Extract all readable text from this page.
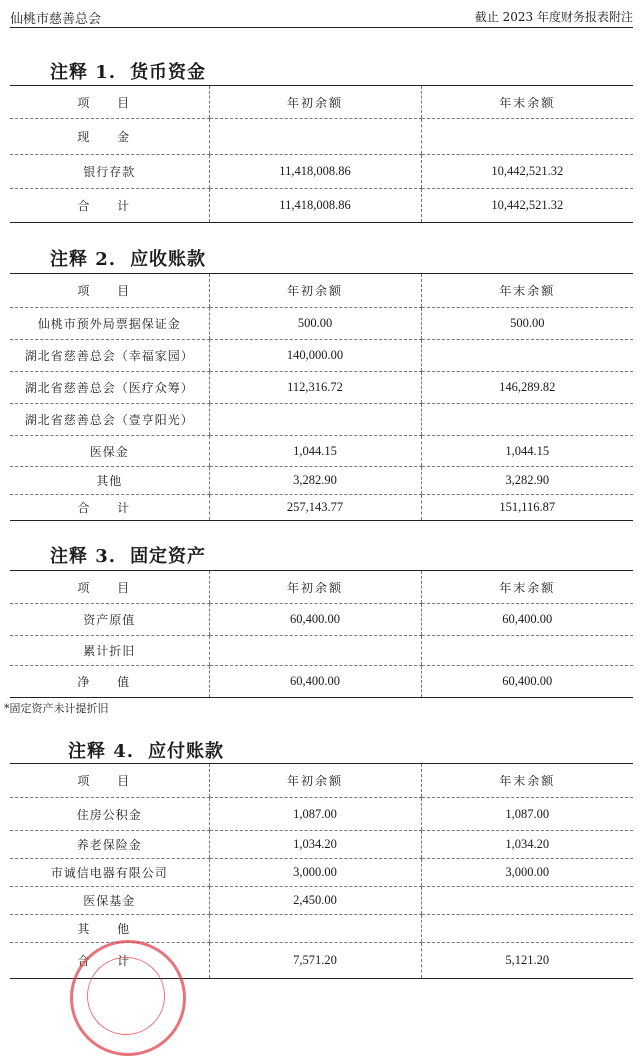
仙桃市慈善总会	截止 2023 年度财务报表附注
注释 1. 货币资金
项 目	年初余额	年末余额
现 金		
银行存款	11,418,008.86	10,442,521.32
合 计	11,418,008.86	10,442,521.32
注释 2. 应收账款
项 目	年初余额	年末余额
仙桃市预外局票据保证金	500.00	500.00
湖北省慈善总会（幸福家园）	140,000.00	
湖北省慈善总会（医疗众筹）	112,316.72	146,289.82
湖北省慈善总会（壹亨阳光）		
医保金	1,044.15	1,044.15
其他	3,282.90	3,282.90
合 计	257,143.77	151,116.87
注释 3. 固定资产
项 目	年初余额	年末余额
资产原值	60,400.00	60,400.00
累计折旧		
净 值	60,400.00	60,400.00
*固定资产未计提折旧
注释 4. 应付账款
项 目	年初余额	年末余额
住房公积金	1,087.00	1,087.00
养老保险金	1,034.20	1,034.20
市诚信电器有限公司	3,000.00	3,000.00
医保基金	2,450.00	
其 他		
合 计	7,571.20	5,121.20
